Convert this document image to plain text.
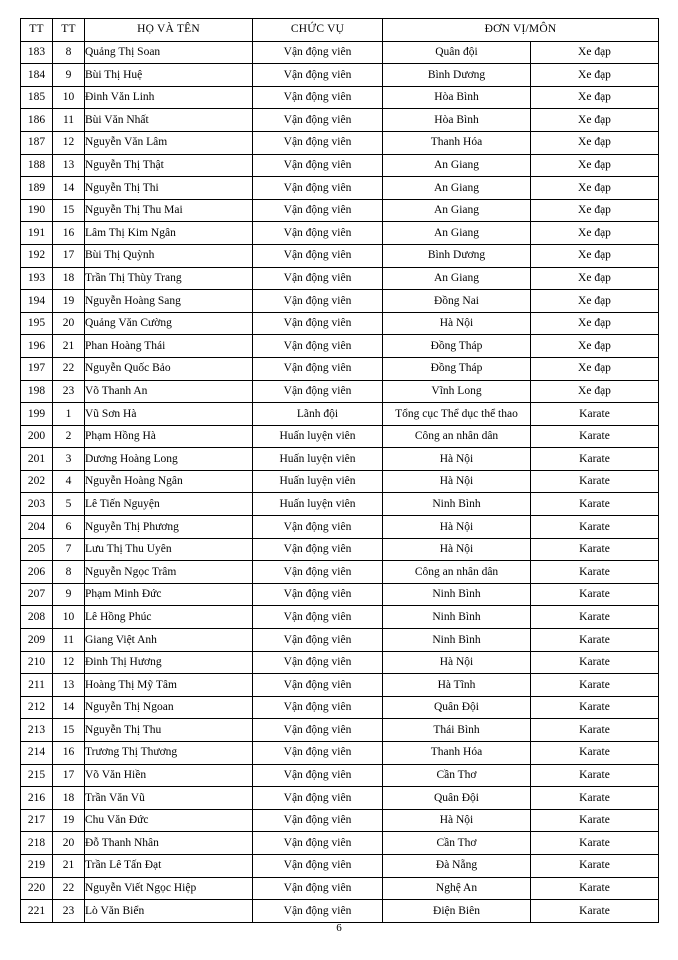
TT	TT	HỌ VÀ TÊN	CHỨC VỤ	ĐƠN VỊ/MÔN	
183	8	Quảng Thị Soan	Vận động viên	Quân đội	Xe đạp
184	9	Bùi Thị Huệ	Vận động viên	Bình Dương	Xe đạp
185	10	Đinh Văn Linh	Vận động viên	Hòa Bình	Xe đạp
186	11	Bùi Văn Nhất	Vận động viên	Hòa Bình	Xe đạp
187	12	Nguyễn Văn Lâm	Vận động viên	Thanh Hóa	Xe đạp
188	13	Nguyễn Thị Thật	Vận động viên	An Giang	Xe đạp
189	14	Nguyễn Thị Thi	Vận động viên	An Giang	Xe đạp
190	15	Nguyễn Thị Thu Mai	Vận động viên	An Giang	Xe đạp
191	16	Lâm Thị Kim Ngân	Vận động viên	An Giang	Xe đạp
192	17	Bùi Thị Quỳnh	Vận động viên	Bình Dương	Xe đạp
193	18	Trần Thị Thùy Trang	Vận động viên	An Giang	Xe đạp
194	19	Nguyễn Hoàng Sang	Vận động viên	Đồng Nai	Xe đạp
195	20	Quảng Văn Cường	Vận động viên	Hà Nội	Xe đạp
196	21	Phan Hoàng Thái	Vận động viên	Đồng Tháp	Xe đạp
197	22	Nguyễn Quốc Bảo	Vận động viên	Đồng Tháp	Xe đạp
198	23	Võ Thanh An	Vận động viên	Vĩnh Long	Xe đạp
199	1	Vũ Sơn Hà	Lãnh đội	Tổng cục Thể dục thể thao	Karate
200	2	Phạm Hồng Hà	Huấn luyện viên	Công an nhân dân	Karate
201	3	Dương Hoàng Long	Huấn luyện viên	Hà Nội	Karate
202	4	Nguyễn Hoàng Ngân	Huấn luyện viên	Hà Nội	Karate
203	5	Lê Tiến Nguyện	Huấn luyện viên	Ninh Bình	Karate
204	6	Nguyễn Thị Phương	Vận động viên	Hà Nội	Karate
205	7	Lưu Thị Thu Uyên	Vận động viên	Hà Nội	Karate
206	8	Nguyễn Ngọc Trâm	Vận động viên	Công an nhân dân	Karate
207	9	Phạm Minh Đức	Vận động viên	Ninh Bình	Karate
208	10	Lê Hồng Phúc	Vận động viên	Ninh Bình	Karate
209	11	Giang Việt Anh	Vận động viên	Ninh Bình	Karate
210	12	Đinh Thị Hương	Vận động viên	Hà Nội	Karate
211	13	Hoàng Thị Mỹ Tâm	Vận động viên	Hà Tĩnh	Karate
212	14	Nguyễn Thị Ngoan	Vận động viên	Quân Đội	Karate
213	15	Nguyễn Thị Thu	Vận động viên	Thái Bình	Karate
214	16	Trương Thị Thương	Vận động viên	Thanh Hóa	Karate
215	17	Võ Văn Hiền	Vận động viên	Cần Thơ	Karate
216	18	Trần Văn Vũ	Vận động viên	Quân Đội	Karate
217	19	Chu Văn Đức	Vận động viên	Hà Nội	Karate
218	20	Đỗ Thanh Nhân	Vận động viên	Cần Thơ	Karate
219	21	Trần Lê Tấn Đạt	Vận động viên	Đà Nẵng	Karate
220	22	Nguyễn Viết Ngọc Hiệp	Vận động viên	Nghệ An	Karate
221	23	Lò Văn Biển	Vận động viên	Điện Biên	Karate
6
